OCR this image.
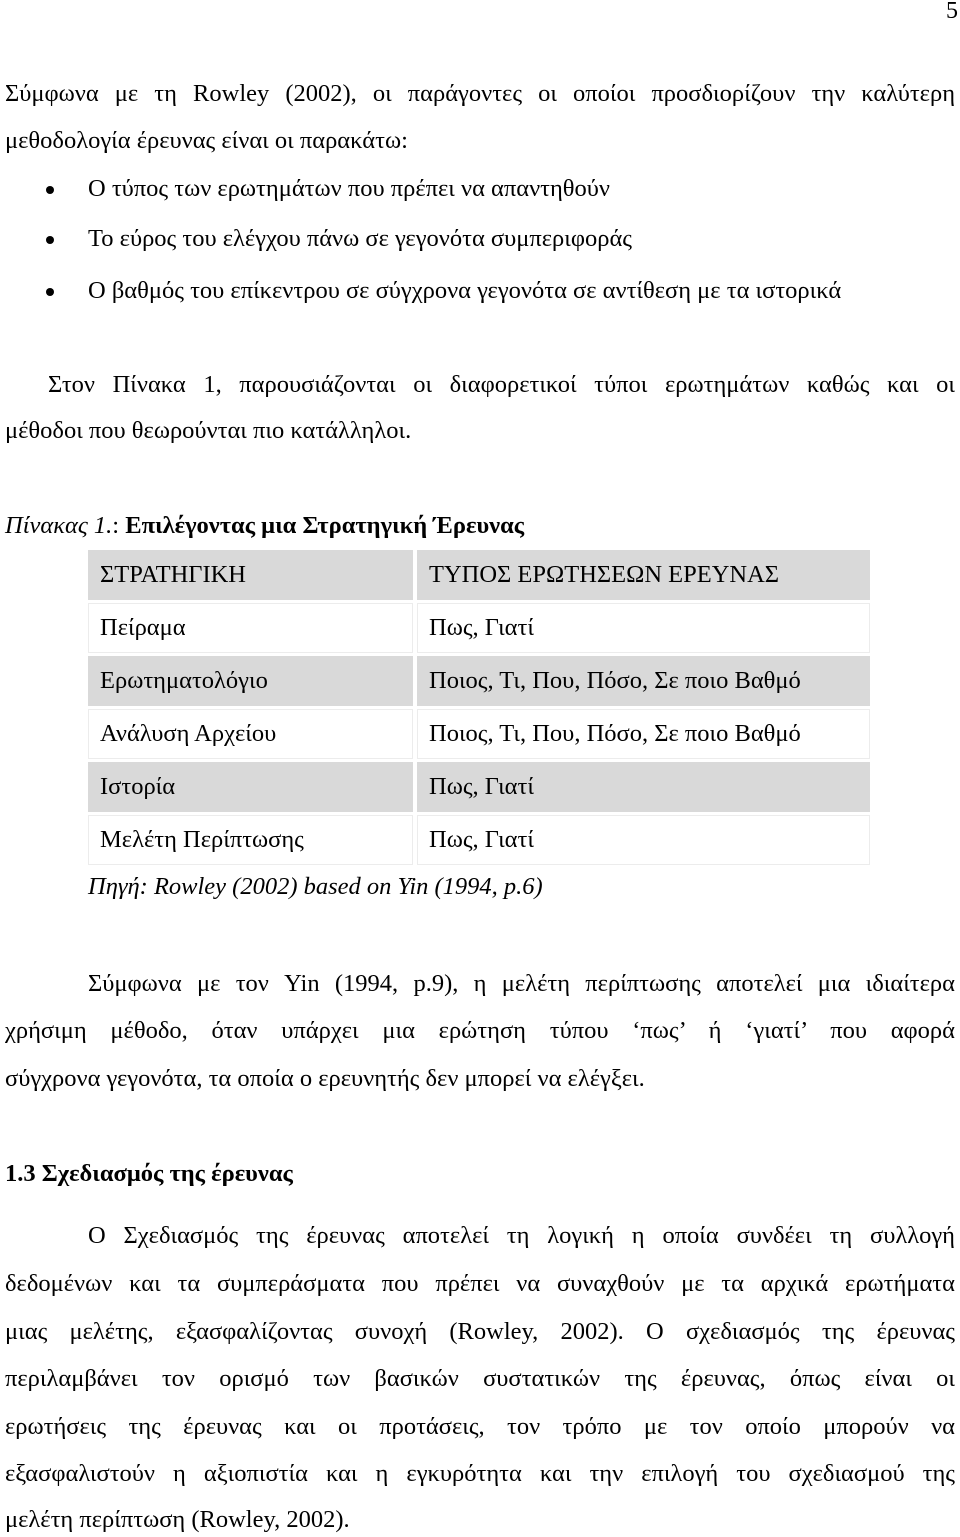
5
Σύμφωνα με τη Rowley (2002), οι παράγοντες οι οποίοι προσδιορίζουν την καλύτερη
μεθοδολογία έρευνας είναι οι παρακάτω:
Ο τύπος των ερωτημάτων που πρέπει να απαντηθούν
Το εύρος του ελέγχου πάνω σε γεγονότα συμπεριφοράς
Ο βαθμός του επίκεντρου σε σύγχρονα γεγονότα σε αντίθεση με τα ιστορικά
Στον Πίνακα 1, παρουσιάζονται οι διαφορετικοί τύποι ερωτημάτων καθώς και οι
μέθοδοι που θεωρούνται πιο κατάλληλοι.
Πίνακας 1.: Επιλέγοντας μια Στρατηγική Έρευνας
ΣΤΡΑΤΗΓΙΚΗ	ΤΥΠΟΣ ΕΡΩΤΗΣΕΩΝ ΕΡΕΥΝΑΣ
Πείραμα	Πως, Γιατί
Ερωτηματολόγιο	Ποιος, Τι, Που, Πόσο, Σε ποιο Βαθμό
Ανάλυση Αρχείου	Ποιος, Τι, Που, Πόσο, Σε ποιο Βαθμό
Ιστορία	Πως, Γιατί
Μελέτη Περίπτωσης	Πως, Γιατί
Πηγή: Rowley (2002) based on Yin (1994, p.6)
Σύμφωνα με τον Yin (1994, p.9), η μελέτη περίπτωσης αποτελεί μια ιδιαίτερα
χρήσιμη μέθοδο, όταν υπάρχει μια ερώτηση τύπου ‘πως’ ή ‘γιατί’ που αφορά
σύγχρονα γεγονότα, τα οποία ο ερευνητής δεν μπορεί να ελέγξει.
1.3 Σχεδιασμός της έρευνας
Ο Σχεδιασμός της έρευνας αποτελεί τη λογική η οποία συνδέει τη συλλογή
δεδομένων και τα συμπεράσματα που πρέπει να συναχθούν με τα αρχικά ερωτήματα
μιας μελέτης, εξασφαλίζοντας συνοχή (Rowley, 2002). Ο σχεδιασμός της έρευνας
περιλαμβάνει τον ορισμό των βασικών συστατικών της έρευνας, όπως είναι οι
ερωτήσεις της έρευνας και οι προτάσεις, τον τρόπο με τον οποίο μπορούν να
εξασφαλιστούν η αξιοπιστία και η εγκυρότητα και την επιλογή του σχεδιασμού της
μελέτη περίπτωση (Rowley, 2002).
